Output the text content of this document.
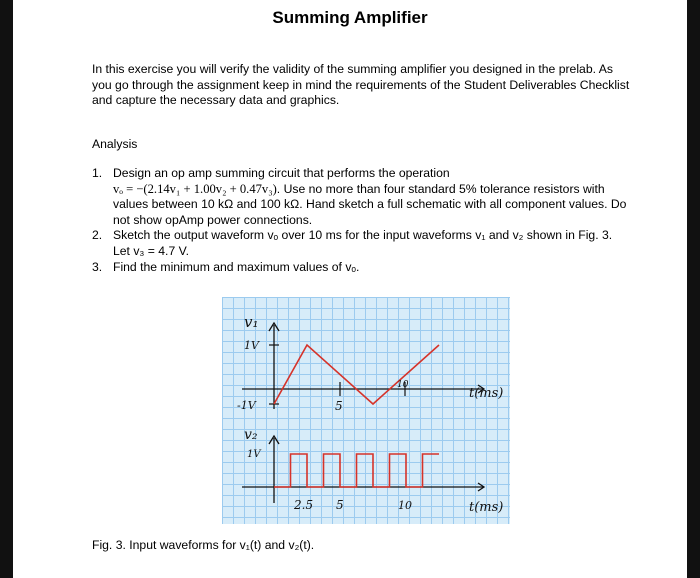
Summing Amplifier
In this exercise you will verify the validity of the summing amplifier you designed in the prelab. As you go through the assignment keep in mind the requirements of the Student Deliverables Checklist and capture the necessary data and graphics.
Analysis
1. Design an op amp summing circuit that performs the operation
vₒ = −(2.14v₁ + 1.00v₂ + 0.47v₃). Use no more than four standard 5% tolerance resistors with values between 10 kΩ and 100 kΩ. Hand sketch a full schematic with all component values. Do not show opAmp power connections.
2. Sketch the output waveform vₒ over 10 ms for the input waveforms v₁ and v₂ shown in Fig. 3. Let v₃ = 4.7 V.
3. Find the minimum and maximum values of vₒ.
v₁
1V
-1V	5
10
t(ms)
v₂
1V
2.5 5	10	t(ms)
Fig. 3. Input waveforms for v₁(t) and v₂(t).
